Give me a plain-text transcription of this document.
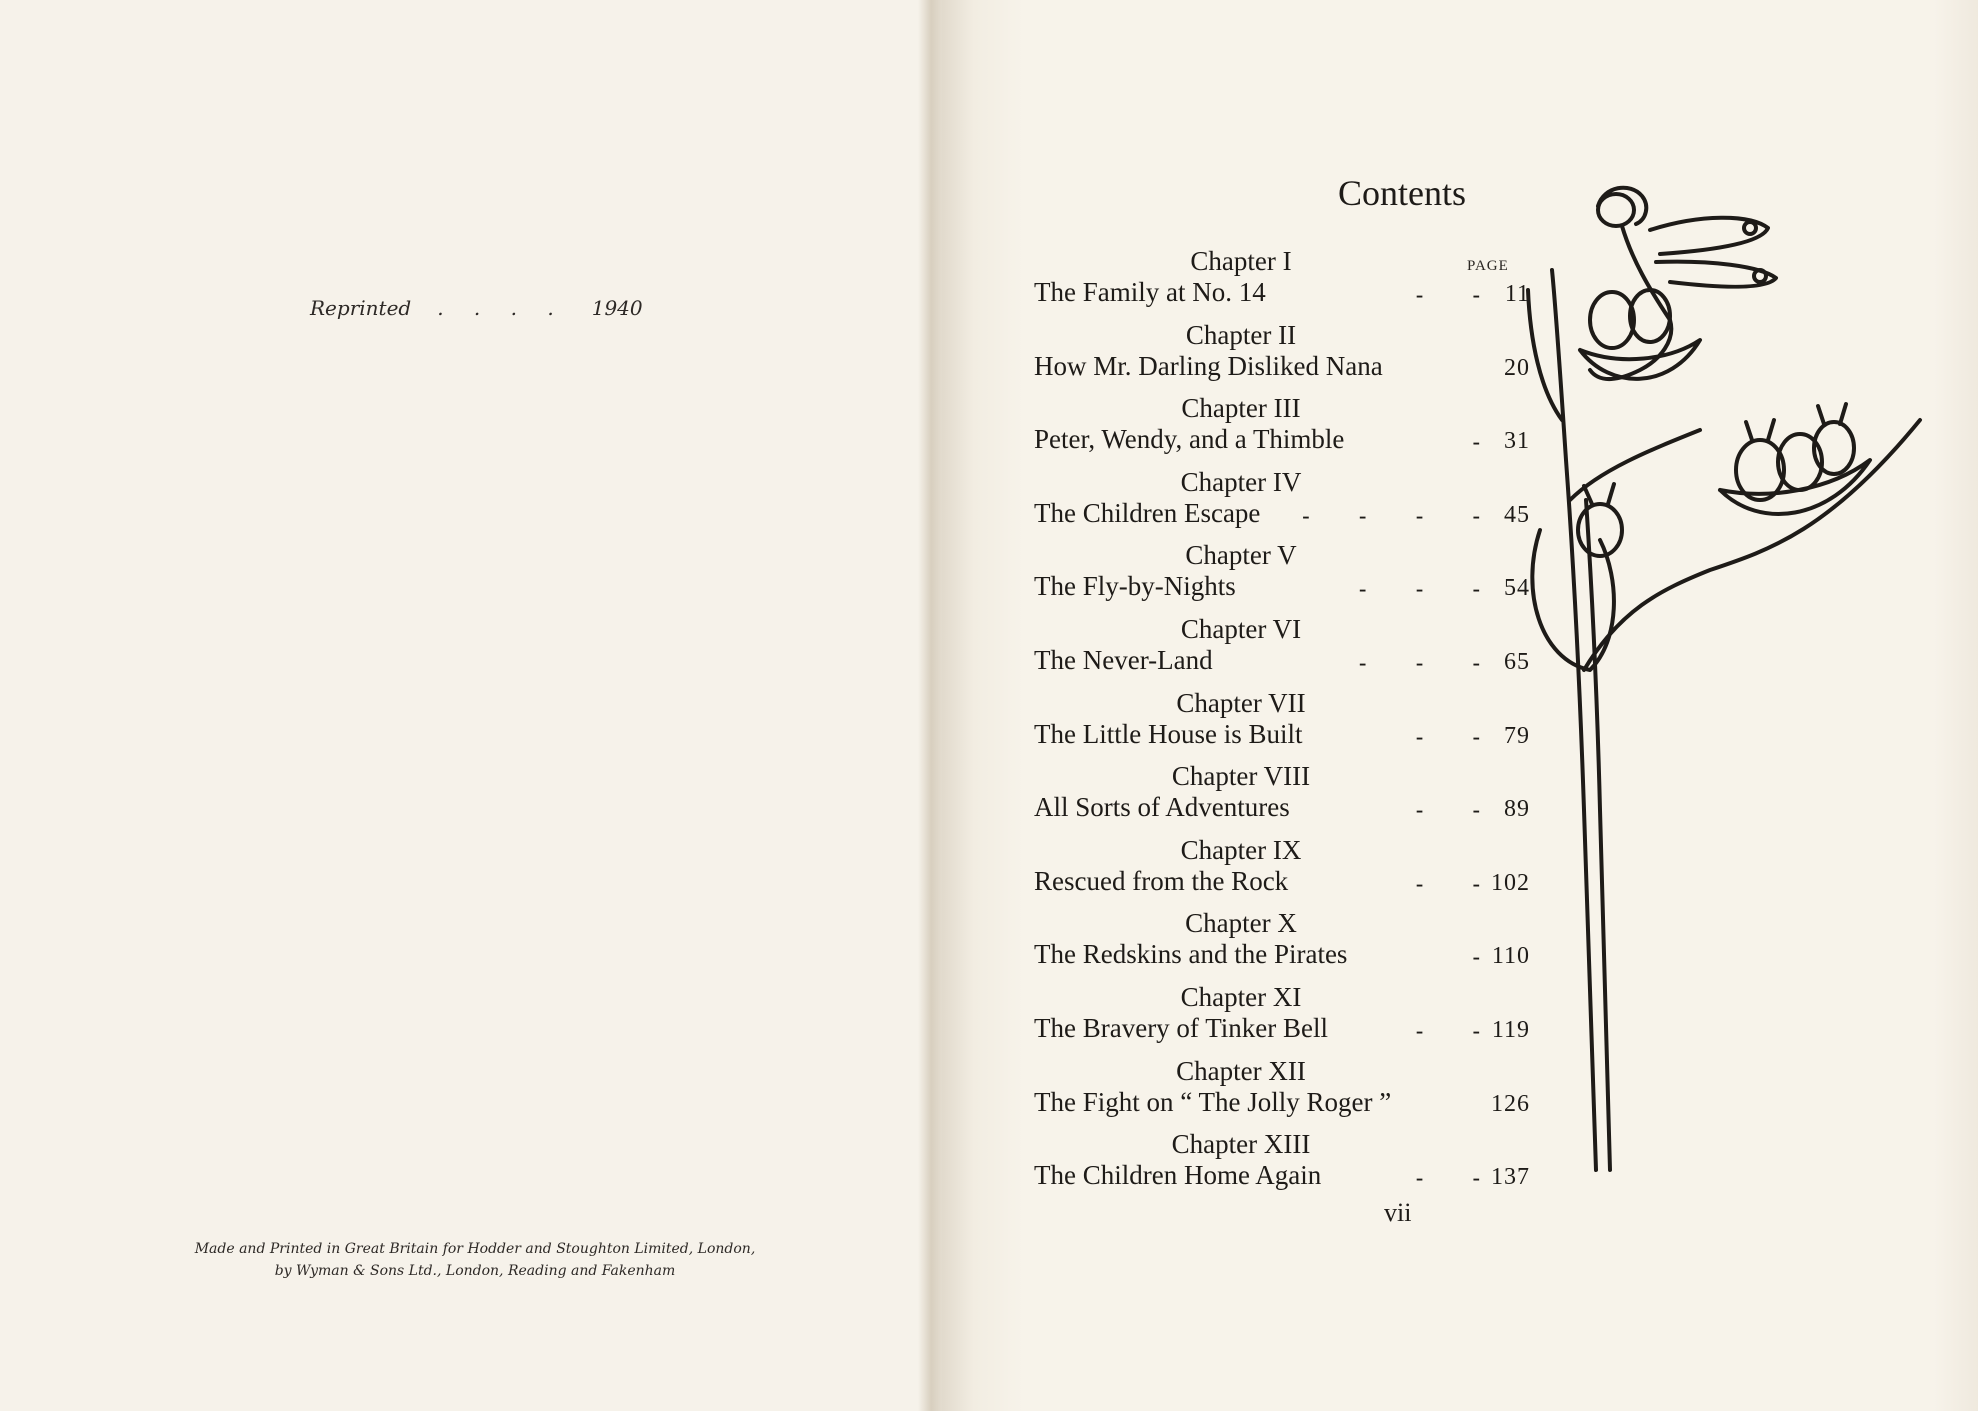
Reprinted . . . . 1940
Made and Printed in Great Britain for Hodder and Stoughton Limited, London,
by Wyman & Sons Ltd., London, Reading and Fakenham
Contents
PAGE
Chapter I
The Family at No. 14	- -	11
Chapter II
How Mr. Darling Disliked Nana	20
Chapter III
Peter, Wendy, and a Thimble	-	31
Chapter IV
The Children Escape	- - - -	45
Chapter V
The Fly-by-Nights	- - -	54
Chapter VI
The Never-Land	- - -	65
Chapter VII
The Little House is Built	- -	79
Chapter VIII
All Sorts of Adventures	- -	89
Chapter IX
Rescued from the Rock	- - 102
Chapter X
The Redskins and the Pirates	- 110
Chapter XI
The Bravery of Tinker Bell	- - 119
Chapter XII
The Fight on “ The Jolly Roger ”	126
Chapter XIII
The Children Home Again	- - 137
vii
